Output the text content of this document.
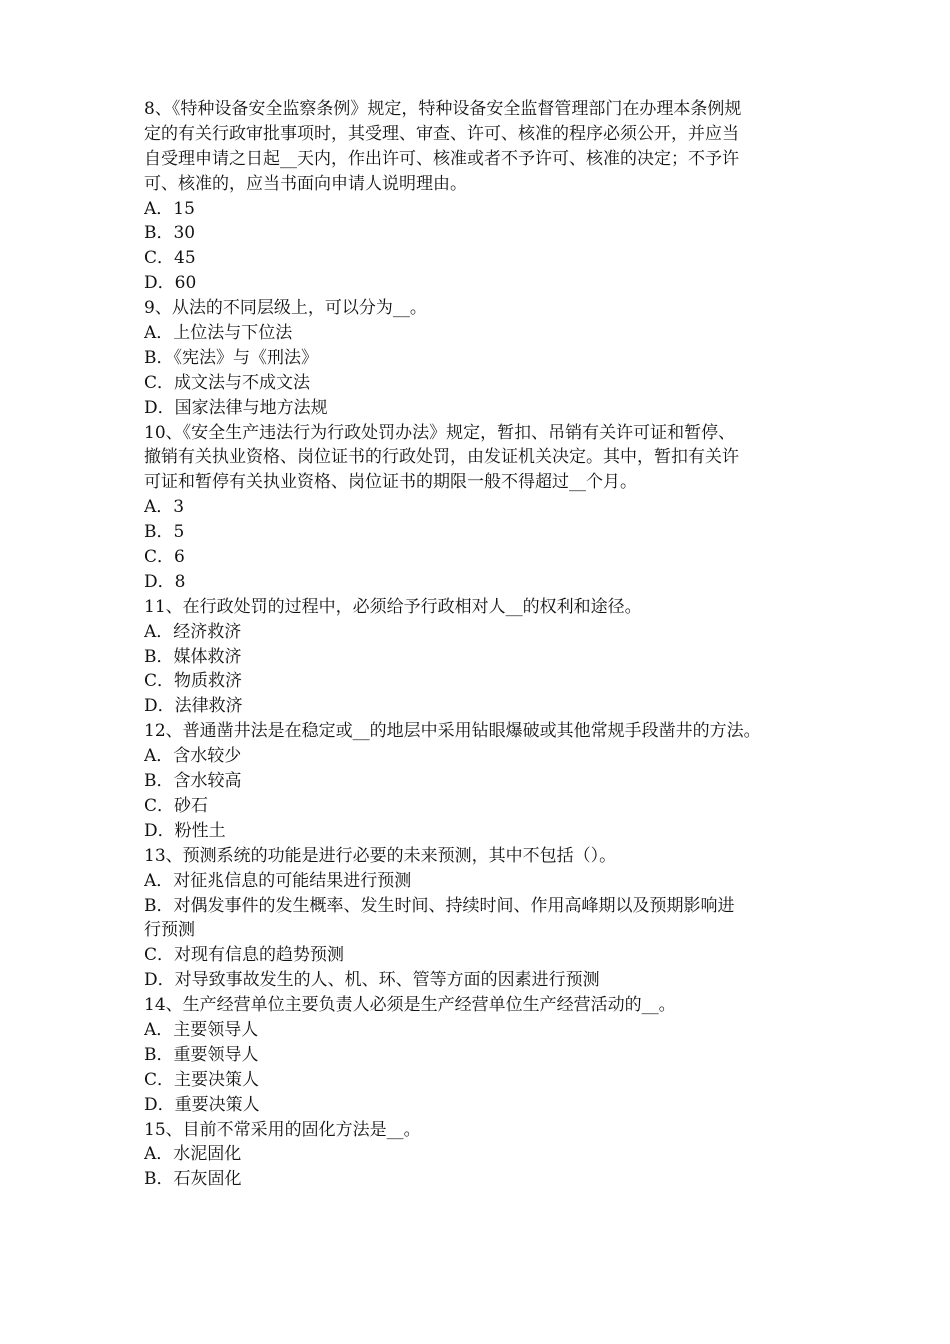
8、《特种设备安全监察条例》规定，特种设备安全监督管理部门在办理本条例规
定的有关行政审批事项时，其受理、审查、许可、核准的程序必须公开，并应当
自受理申请之日起__天内，作出许可、核准或者不予许可、核准的决定；不予许
可、核准的，应当书面向申请人说明理由。
A．15
B．30
C．45
D．60
9、从法的不同层级上，可以分为__。
A．上位法与下位法
B．《宪法》与《刑法》
C．成文法与不成文法
D．国家法律与地方法规
10、《安全生产违法行为行政处罚办法》规定，暂扣、吊销有关许可证和暂停、
撤销有关执业资格、岗位证书的行政处罚，由发证机关决定。其中，暂扣有关许
可证和暂停有关执业资格、岗位证书的期限一般不得超过__个月。
A．3
B．5
C．6
D．8
11、在行政处罚的过程中，必须给予行政相对人__的权利和途径。
A．经济救济
B．媒体救济
C．物质救济
D．法律救济
12、普通凿井法是在稳定或__的地层中采用钻眼爆破或其他常规手段凿井的方法。
A．含水较少
B．含水较高
C．砂石
D．粉性土
13、预测系统的功能是进行必要的未来预测，其中不包括（）。
A．对征兆信息的可能结果进行预测
B．对偶发事件的发生概率、发生时间、持续时间、作用高峰期以及预期影响进
行预测
C．对现有信息的趋势预测
D．对导致事故发生的人、机、环、管等方面的因素进行预测
14、生产经营单位主要负责人必须是生产经营单位生产经营活动的__。
A．主要领导人
B．重要领导人
C．主要决策人
D．重要决策人
15、目前不常采用的固化方法是__。
A．水泥固化
B．石灰固化
